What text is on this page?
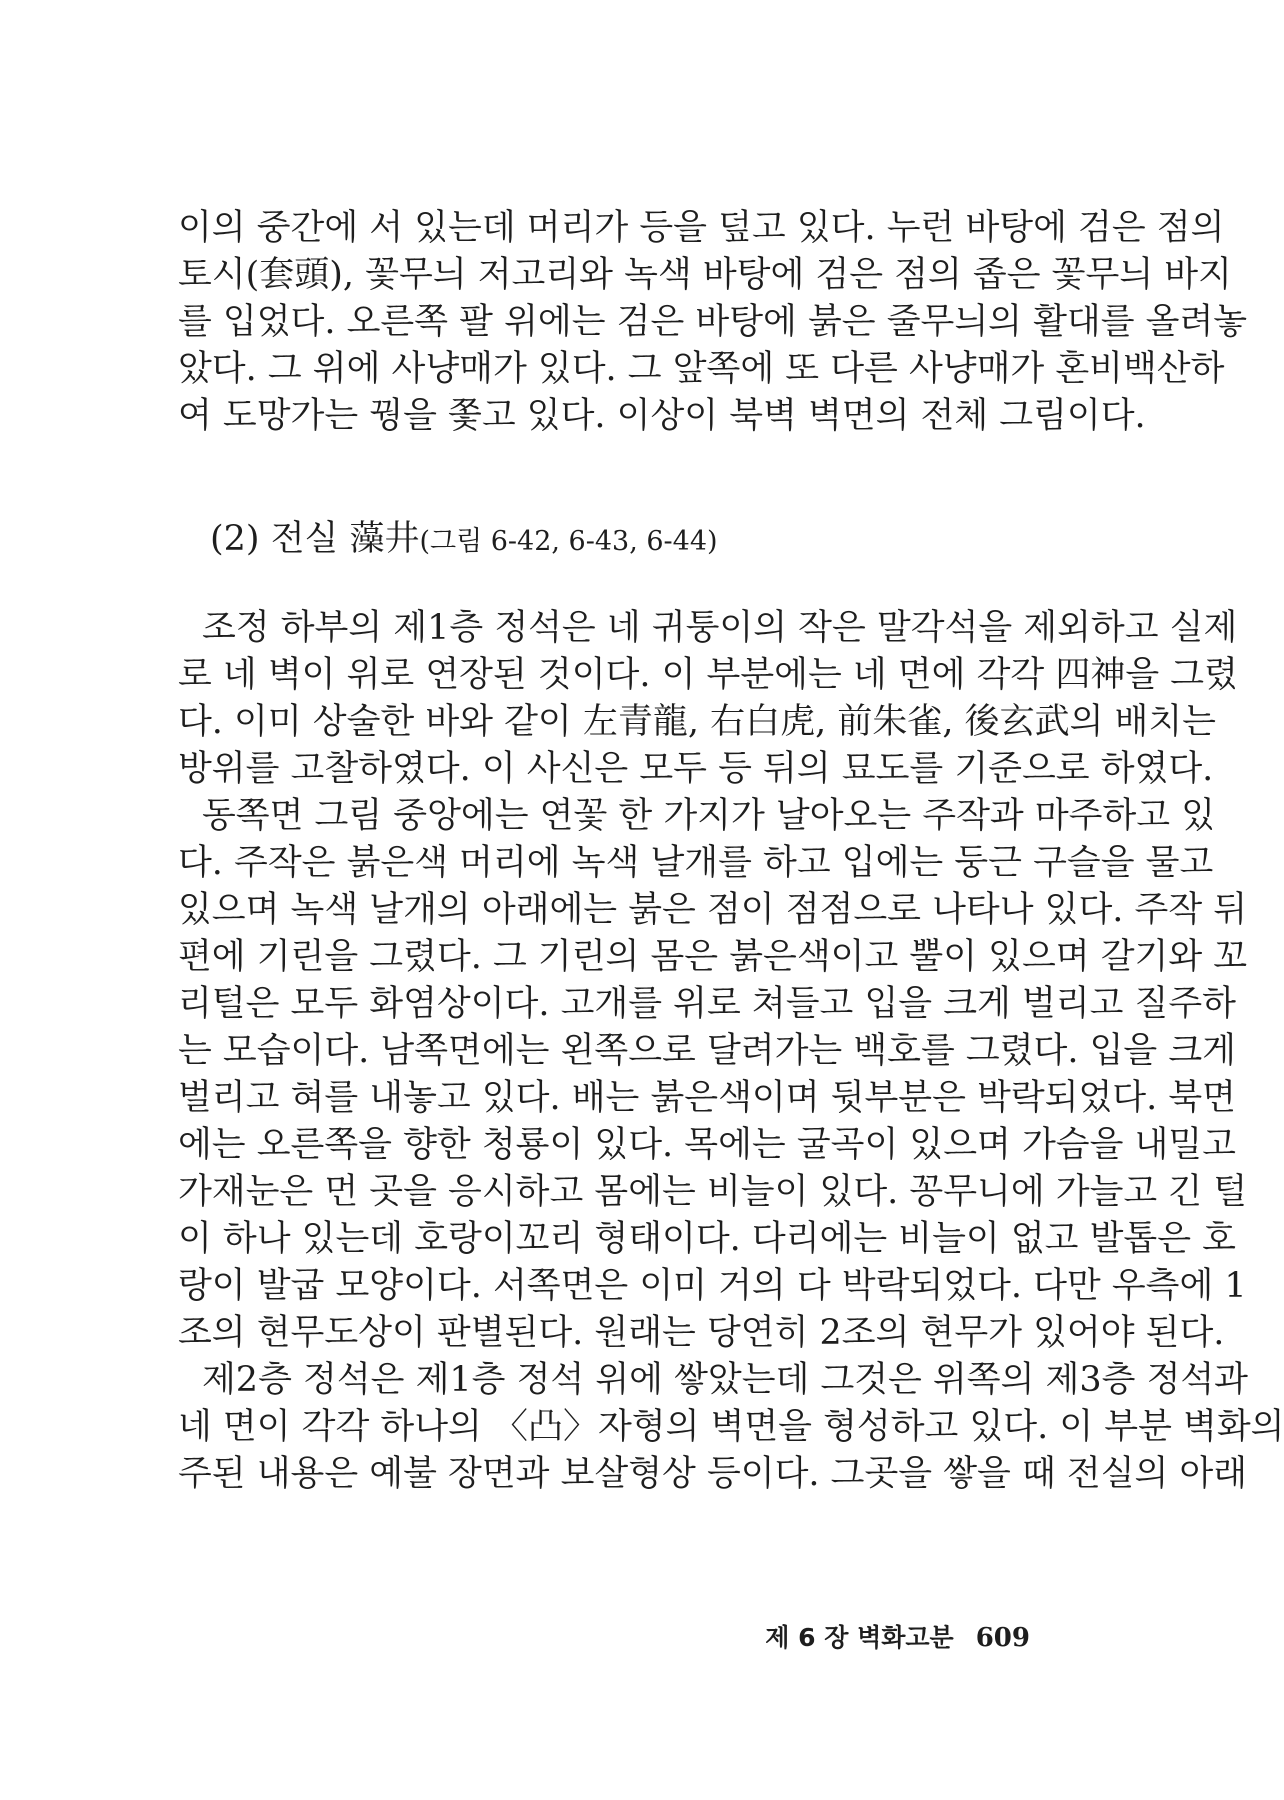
이의 중간에 서 있는데 머리가 등을 덮고 있다. 누런 바탕에 검은 점의
토시(套頭), 꽃무늬 저고리와 녹색 바탕에 검은 점의 좁은 꽃무늬 바지
를 입었다. 오른쪽 팔 위에는 검은 바탕에 붉은 줄무늬의 활대를 올려놓
았다. 그 위에 사냥매가 있다. 그 앞쪽에 또 다른 사냥매가 혼비백산하
여 도망가는 꿩을 쫓고 있다. 이상이 북벽 벽면의 전체 그림이다.
(2) 전실 藻井(그림 6-42, 6-43, 6-44)
조정 하부의 제1층 정석은 네 귀퉁이의 작은 말각석을 제외하고 실제
로 네 벽이 위로 연장된 것이다. 이 부분에는 네 면에 각각 四神을 그렸
다. 이미 상술한 바와 같이 左青龍, 右白虎, 前朱雀, 後玄武의 배치는
방위를 고찰하였다. 이 사신은 모두 등 뒤의 묘도를 기준으로 하였다.
동쪽면 그림 중앙에는 연꽃 한 가지가 날아오는 주작과 마주하고 있
다. 주작은 붉은색 머리에 녹색 날개를 하고 입에는 둥근 구슬을 물고
있으며 녹색 날개의 아래에는 붉은 점이 점점으로 나타나 있다. 주작 뒤
편에 기린을 그렸다. 그 기린의 몸은 붉은색이고 뿔이 있으며 갈기와 꼬
리털은 모두 화염상이다. 고개를 위로 쳐들고 입을 크게 벌리고 질주하
는 모습이다. 남쪽면에는 왼쪽으로 달려가는 백호를 그렸다. 입을 크게
벌리고 혀를 내놓고 있다. 배는 붉은색이며 뒷부분은 박락되었다. 북면
에는 오른쪽을 향한 청룡이 있다. 목에는 굴곡이 있으며 가슴을 내밀고
가재눈은 먼 곳을 응시하고 몸에는 비늘이 있다. 꽁무니에 가늘고 긴 털
이 하나 있는데 호랑이꼬리 형태이다. 다리에는 비늘이 없고 발톱은 호
랑이 발굽 모양이다. 서쪽면은 이미 거의 다 박락되었다. 다만 우측에 1
조의 현무도상이 판별된다. 원래는 당연히 2조의 현무가 있어야 된다.
제2층 정석은 제1층 정석 위에 쌓았는데 그것은 위쪽의 제3층 정석과
네 면이 각각 하나의 〈凸〉자형의 벽면을 형성하고 있다. 이 부분 벽화의
주된 내용은 예불 장면과 보살형상 등이다. 그곳을 쌓을 때 전실의 아래
제 6 장 벽화고분 609
